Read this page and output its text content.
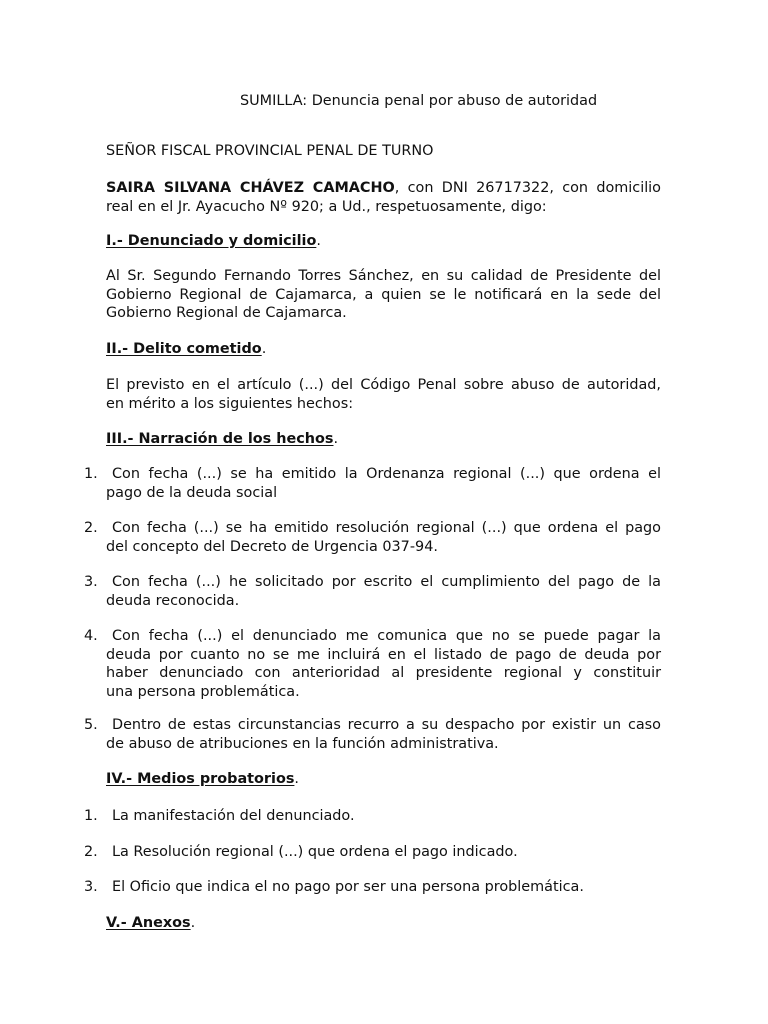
SUMILLA: Denuncia penal por abuso de autoridad

SEÑOR FISCAL PROVINCIAL PENAL DE TURNO

SAIRA SILVANA CHÁVEZ CAMACHO, con DNI 26717322, con domicilio
real en el Jr. Ayacucho Nº 920; a Ud., respetuosamente, digo:

I.- Denunciado y domicilio.

Al Sr. Segundo Fernando Torres Sánchez, en su calidad de Presidente del
Gobierno Regional de Cajamarca, a quien se le notificará en la sede del
Gobierno Regional de Cajamarca.

II.- Delito cometido.

El previsto en el artículo (...) del Código Penal sobre abuso de autoridad,
en mérito a los siguientes hechos:

III.- Narración de los hechos.

1. Con fecha (...) se ha emitido la Ordenanza regional (...) que ordena el

pago de la deuda social

2. Con fecha (...) se ha emitido resolución regional (...) que ordena el pago

del concepto del Decreto de Urgencia 037-94.

3. Con fecha (...) he solicitado por escrito el cumplimiento del pago de la

deuda reconocida.

4. Con fecha (...) el denunciado me comunica que no se puede pagar la

deuda por cuanto no se me incluirá en el listado de pago de deuda por

haber denunciado con anterioridad al presidente regional y constituir

una persona problemática.

5. Dentro de estas circunstancias recurro a su despacho por existir un caso

de abuso de atribuciones en la función administrativa.

IV.- Medios probatorios.

1. La manifestación del denunciado.
2. La Resolución regional (...) que ordena el pago indicado.
3. El Oficio que indica el no pago por ser una persona problemática.

V.- Anexos.
